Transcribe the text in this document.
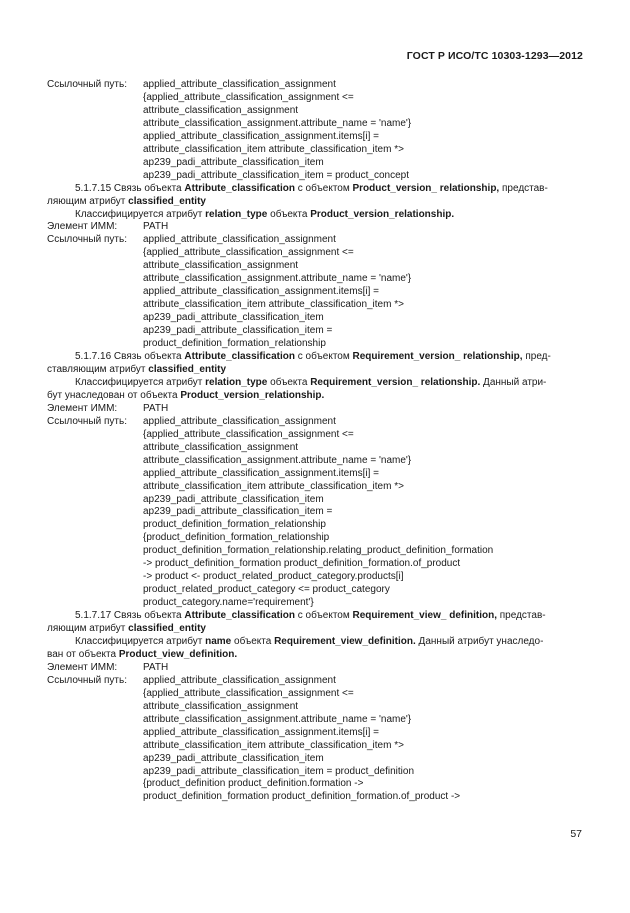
ГОСТ Р ИСО/ТС 10303-1293—2012
Ссылочный путь:	applied_attribute_classification_assignment
{applied_attribute_classification_assignment <=
attribute_classification_assignment
attribute_classification_assignment.attribute_name = 'name'}
applied_attribute_classification_assignment.items[i] =
attribute_classification_item attribute_classification_item *>
ap239_padi_attribute_classification_item
ap239_padi_attribute_classification_item = product_concept
5.1.7.15 Связь объекта Attribute_classification с объектом Product_version_ relationship, представ-
ляющим атрибут classified_entity
Классифицируется атрибут relation_type объекта Product_version_relationship.
Элемент ИММ:	PATH
Ссылочный путь:	applied_attribute_classification_assignment
{applied_attribute_classification_assignment <=
attribute_classification_assignment
attribute_classification_assignment.attribute_name = 'name'}
applied_attribute_classification_assignment.items[i] =
attribute_classification_item attribute_classification_item *>
ap239_padi_attribute_classification_item
ap239_padi_attribute_classification_item =
product_definition_formation_relationship
5.1.7.16 Связь объекта Attribute_classification с объектом Requirement_version_ relationship, пред-
ставляющим атрибут classified_entity
Классифицируется атрибут relation_type объекта Requirement_version_ relationship. Данный атри-
бут унаследован от объекта Product_version_relationship.
Элемент ИММ:	PATH
Ссылочный путь:	applied_attribute_classification_assignment
{applied_attribute_classification_assignment <=
attribute_classification_assignment
attribute_classification_assignment.attribute_name = 'name'}
applied_attribute_classification_assignment.items[i] =
attribute_classification_item attribute_classification_item *>
ap239_padi_attribute_classification_item
ap239_padi_attribute_classification_item =
product_definition_formation_relationship
{product_definition_formation_relationship
product_definition_formation_relationship.relating_product_definition_formation
-> product_definition_formation product_definition_formation.of_product
-> product <- product_related_product_category.products[i]
product_related_product_category <= product_category
product_category.name='requirement'}
5.1.7.17 Связь объекта Attribute_classification с объектом Requirement_view_ definition, представ-
ляющим атрибут classified_entity
Классифицируется атрибут name объекта Requirement_view_definition. Данный атрибут унаследо-
ван от объекта Product_view_definition.
Элемент ИММ:	PATH
Ссылочный путь:	applied_attribute_classification_assignment
{applied_attribute_classification_assignment <=
attribute_classification_assignment
attribute_classification_assignment.attribute_name = 'name'}
applied_attribute_classification_assignment.items[i] =
attribute_classification_item attribute_classification_item *>
ap239_padi_attribute_classification_item
ap239_padi_attribute_classification_item = product_definition
{product_definition product_definition.formation ->
product_definition_formation product_definition_formation.of_product ->
57
